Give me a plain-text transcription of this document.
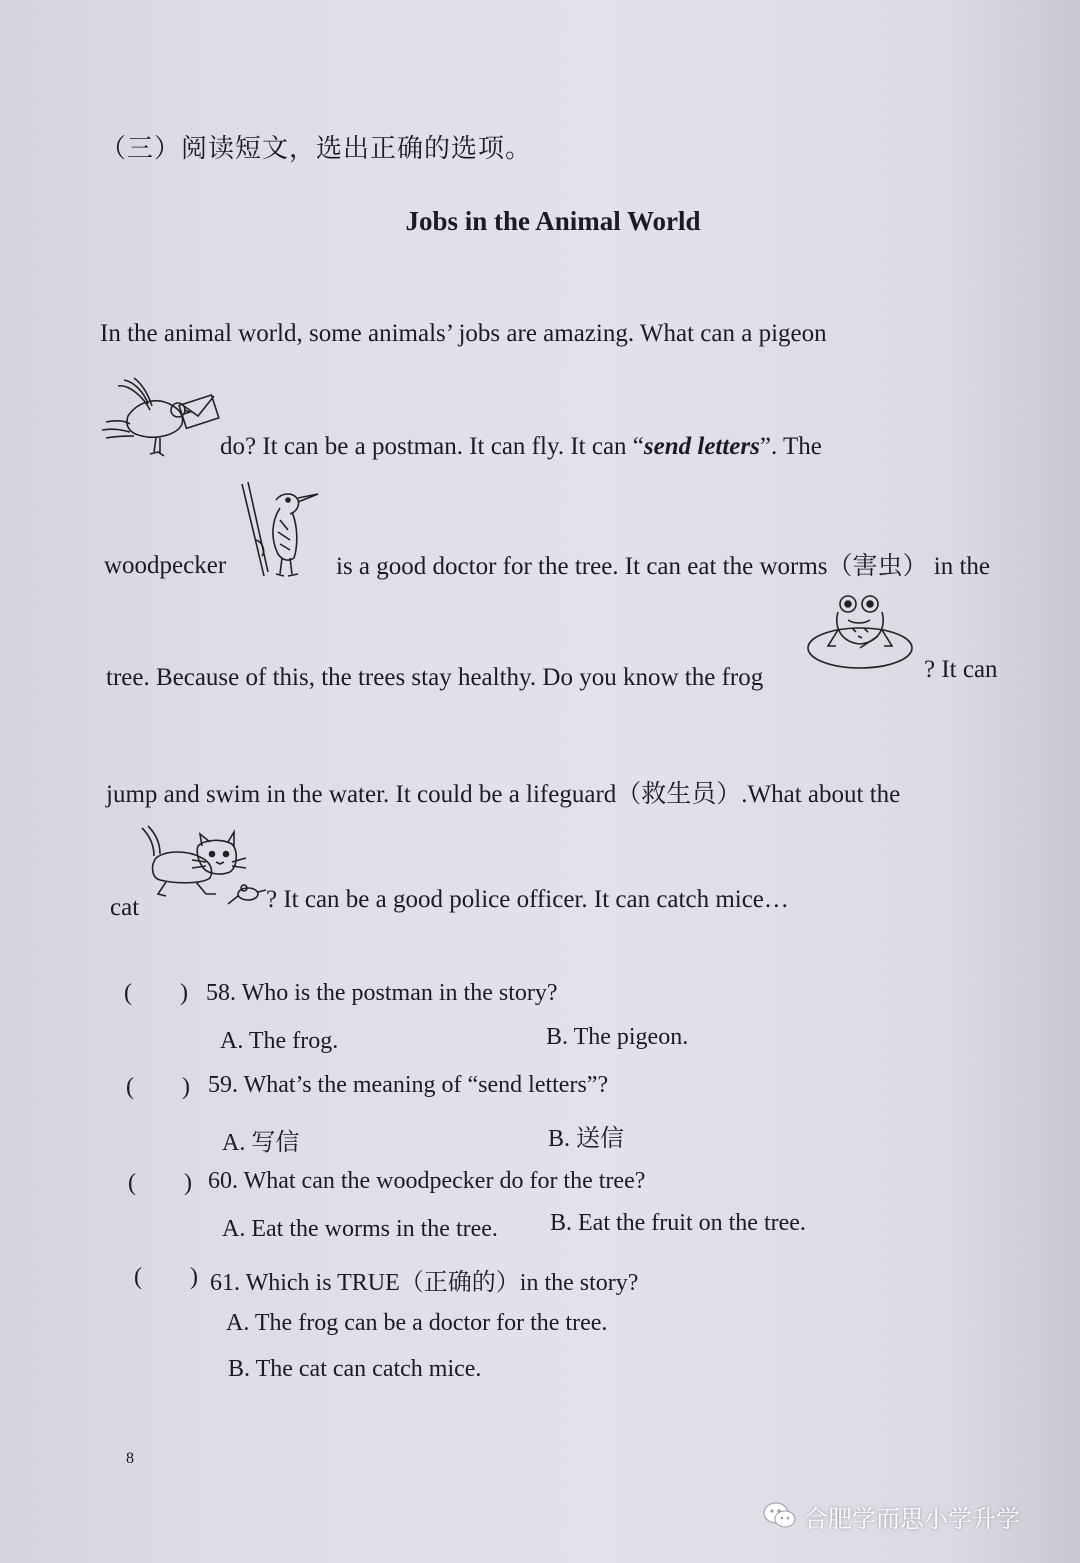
（三）阅读短文，选出正确的选项。
Jobs in the Animal World
In the animal world, some animals’ jobs are amazing. What can a pigeon
do? It can be a postman. It can fly. It can “send letters”. The
woodpecker	is a good doctor for the tree. It can eat the worms（害虫） in the
tree. Because of this, the trees stay healthy. Do you know the frog	? It can
jump and swim in the water. It could be a lifeguard（救生员）.What about the
cat	? It can be a good police officer. It can catch mice…
(        ) 58. Who is the postman in the story?
A. The frog.	B. The pigeon.
(        ) 59. What’s the meaning of “send letters”?
A. 写信	B. 送信
(        ) 60. What can the woodpecker do for the tree?
A. Eat the worms in the tree. B. Eat the fruit on the tree.
(        ) 61. Which is TRUE（正确的）in the story?
A. The frog can be a doctor for the tree.
B. The cat can catch mice.
8
合肥学而思小学升学
